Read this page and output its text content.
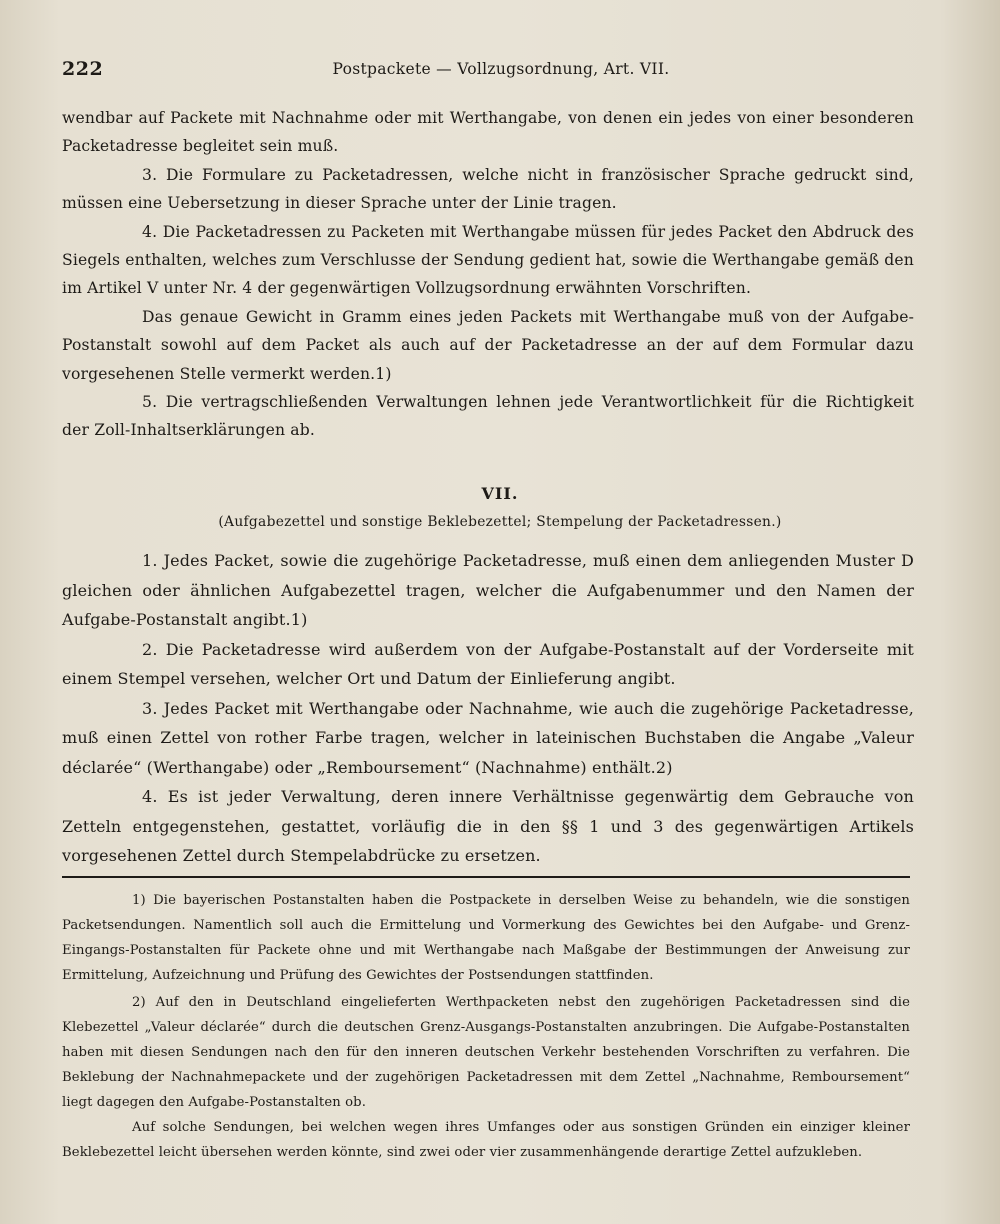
222	Postpackete — Vollzugsordnung, Art. VII.

wendbar auf Packete mit Nachnahme oder mit Werthangabe, von denen ein jedes von einer besonderen Packetadresse begleitet sein muß.

3. Die Formulare zu Packetadressen, welche nicht in französischer Sprache gedruckt sind, müssen eine Uebersetzung in dieser Sprache unter der Linie tragen.

4. Die Packetadressen zu Packeten mit Werthangabe müssen für jedes Packet den Abdruck des Siegels enthalten, welches zum Verschlusse der Sendung gedient hat, sowie die Werthangabe gemäß den im Artikel V unter Nr. 4 der gegenwärtigen Vollzugsordnung erwähnten Vorschriften.

Das genaue Gewicht in Gramm eines jeden Packets mit Werthangabe muß von der Aufgabe-Postanstalt sowohl auf dem Packet als auch auf der Packetadresse an der auf dem Formular dazu vorgesehenen Stelle vermerkt werden.1)

5. Die vertragschließenden Verwaltungen lehnen jede Verantwortlichkeit für die Richtigkeit der Zoll-Inhaltserklärungen ab.

VII.
(Aufgabezettel und sonstige Beklebezettel; Stempelung der Packetadressen.)

1. Jedes Packet, sowie die zugehörige Packetadresse, muß einen dem anliegenden Muster D gleichen oder ähnlichen Aufgabezettel tragen, welcher die Aufgabenummer und den Namen der Aufgabe-Postanstalt angibt.1)

2. Die Packetadresse wird außerdem von der Aufgabe-Postanstalt auf der Vorderseite mit einem Stempel versehen, welcher Ort und Datum der Einlieferung angibt.

3. Jedes Packet mit Werthangabe oder Nachnahme, wie auch die zugehörige Packetadresse, muß einen Zettel von rother Farbe tragen, welcher in lateinischen Buchstaben die Angabe „Valeur déclarée“ (Werthangabe) oder „Remboursement“ (Nachnahme) enthält.2)

4. Es ist jeder Verwaltung, deren innere Verhältnisse gegenwärtig dem Gebrauche von Zetteln entgegenstehen, gestattet, vorläufig die in den §§ 1 und 3 des gegenwärtigen Artikels vorgesehenen Zettel durch Stempelabdrücke zu ersetzen.

1) Die bayerischen Postanstalten haben die Postpackete in derselben Weise zu behandeln, wie die sonstigen Packetsendungen. Namentlich soll auch die Ermittelung und Vormerkung des Gewichtes bei den Aufgabe- und Grenz-Eingangs-Postanstalten für Packete ohne und mit Werthangabe nach Maßgabe der Bestimmungen der Anweisung zur Ermittelung, Aufzeichnung und Prüfung des Gewichtes der Postsendungen stattfinden.

2) Auf den in Deutschland eingelieferten Werthpacketen nebst den zugehörigen Packetadressen sind die Klebezettel „Valeur déclarée“ durch die deutschen Grenz-Ausgangs-Postanstalten anzubringen. Die Aufgabe-Postanstalten haben mit diesen Sendungen nach den für den inneren deutschen Verkehr bestehenden Vorschriften zu verfahren. Die Beklebung der Nachnahmepackete und der zugehörigen Packetadressen mit dem Zettel „Nachnahme, Remboursement“ liegt dagegen den Aufgabe-Postanstalten ob.

Auf solche Sendungen, bei welchen wegen ihres Umfanges oder aus sonstigen Gründen ein einziger kleiner Beklebezettel leicht übersehen werden könnte, sind zwei oder vier zusammenhängende derartige Zettel aufzukleben.
